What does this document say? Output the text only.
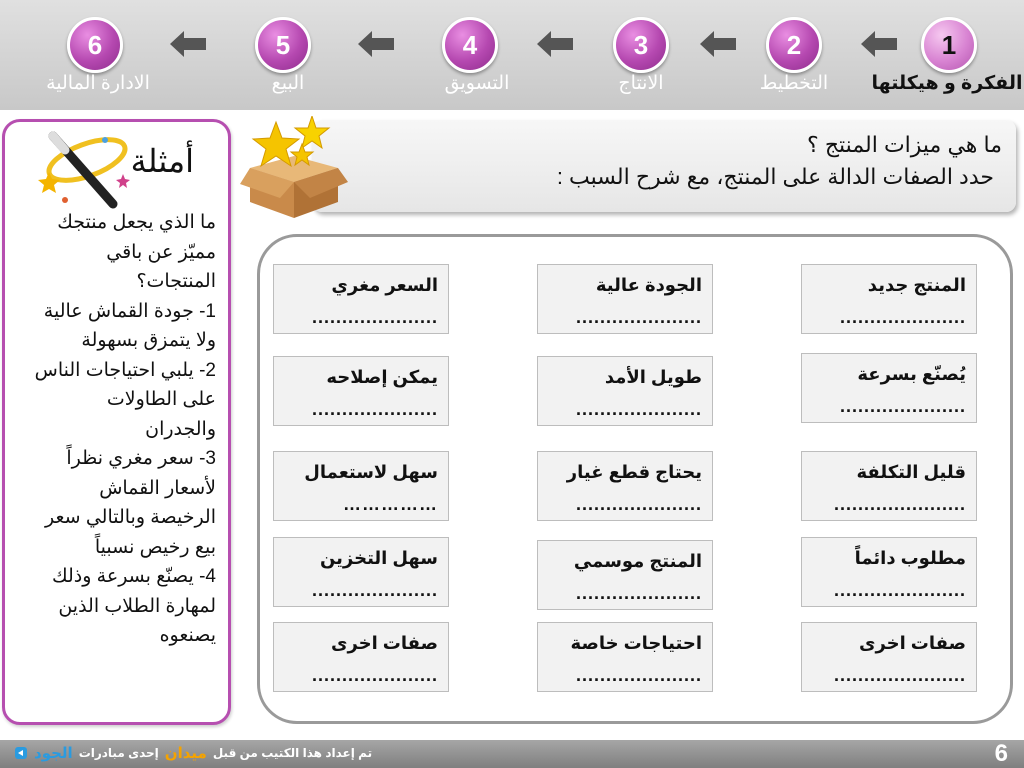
1
2
3
4
5
6
الفكرة و هيكلتها
التخطيط
الانتاج
التسويق
البيع
الادارة المالية
أمثلة

ما الذي يجعل منتجك

مميّز عن باقي

المنتجات؟

1- جودة القماش عالية

ولا يتمزق بسهولة

2- يلبي احتياجات الناس

على الطاولات

والجدران

3- سعر مغري نظراً

لأسعار القماش

الرخيصة وبالتالي سعر

بيع رخيص نسبياً

4- يصنّع بسرعة وذلك

لمهارة الطلاب الذين

يصنعوه

ما هي ميزات المنتج ؟
حدد الصفات الدالة على المنتج، مع شرح السبب :
المنتج جديد
.....................
الجودة عالية
.....................
السعر مغري
.....................
يُصنّع بسرعة
.....................
طويل الأمد
.....................
يمكن إصلاحه
.....................
قليل التكلفة
......................
يحتاج قطع غيار
.....................
سهل لاستعمال
……………
مطلوب دائماً
......................
المنتج موسمي
.....................
سهل التخزين
.....................
صفات اخرى
......................
احتياجات خاصة
.....................
صفات اخرى
.....................
تم إعداد هذا الكتيب من قبل
ميدان
إحدى مبادرات
الجود	6
